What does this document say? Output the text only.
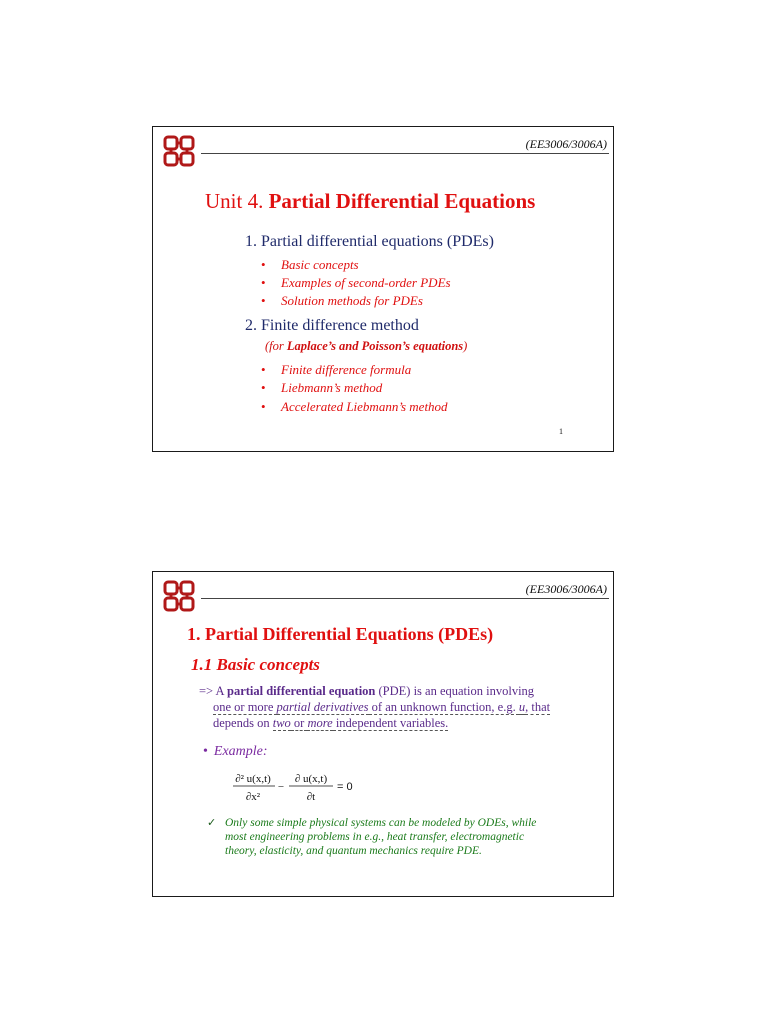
(EE3006/3006A)
Unit 4. Partial Differential Equations
1. Partial differential equations (PDEs)
• Basic concepts
• Examples of second-order PDEs
• Solution methods for PDEs
2. Finite difference method
(for Laplace’s and Poisson’s equations)
• Finite difference formula
• Liebmann’s method
• Accelerated Liebmann’s method
1
(EE3006/3006A)
1. Partial Differential Equations (PDEs)
1.1 Basic concepts
=> A partial differential equation (PDE) is an equation involving
one or more partial derivatives of an unknown function, e.g. u, that
depends on two or more independent variables.
• Example:
∂² u(x,t)
∂x²
−
∂ u(x,t)
∂t
= 0
✓ Only some simple physical systems can be modeled by ODEs, while
most engineering problems in e.g., heat transfer, electromagnetic
theory, elasticity, and quantum mechanics require PDE.
